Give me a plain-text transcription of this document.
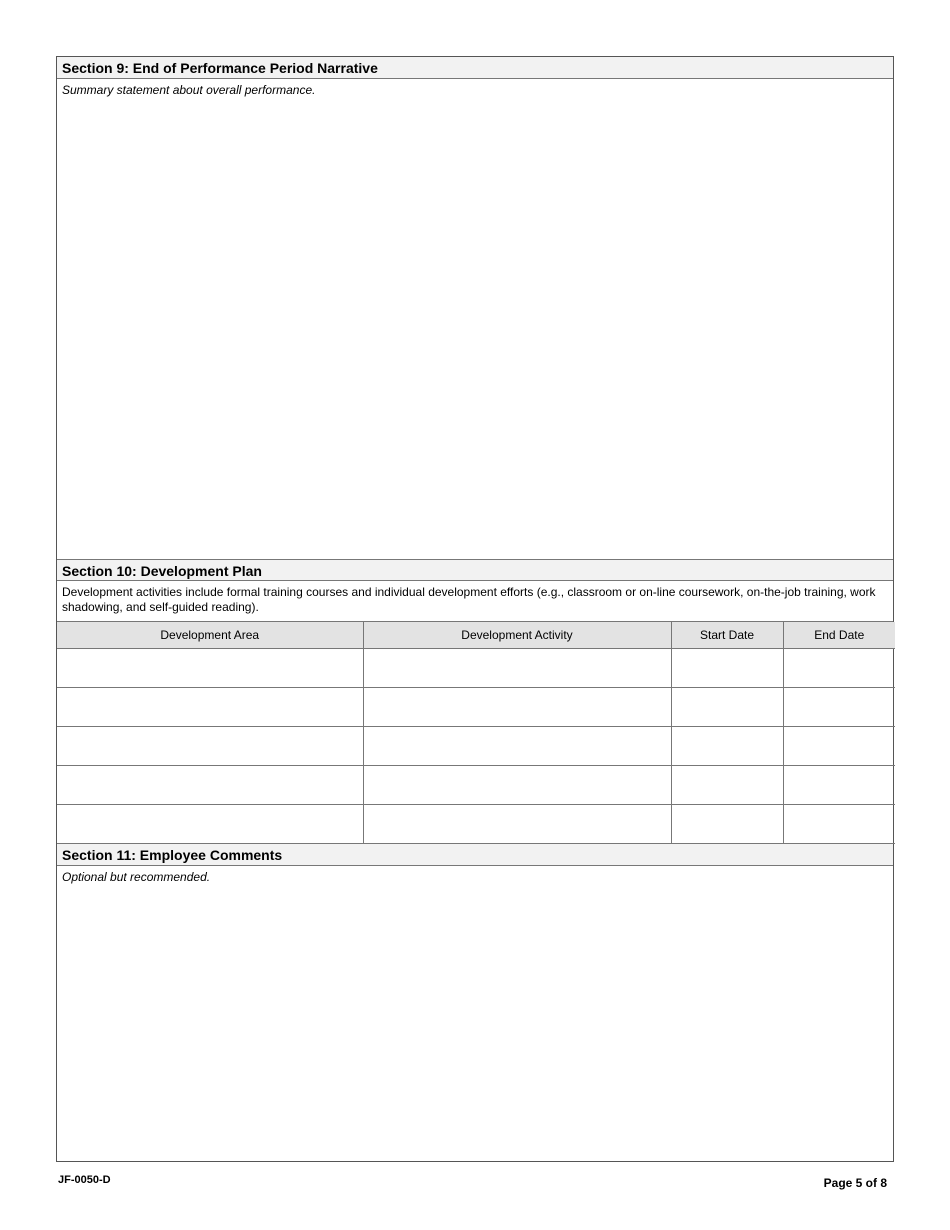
Section 9: End of Performance Period Narrative
Summary statement about overall performance.
Section 10: Development Plan
Development activities include formal training courses and individual development efforts (e.g., classroom or on-line coursework, on-the-job training, work shadowing, and self-guided reading).
Development Area	Development Activity	Start Date	End Date

Section 11: Employee Comments
Optional but recommended.
JF-0050-D	Page 5 of 8
